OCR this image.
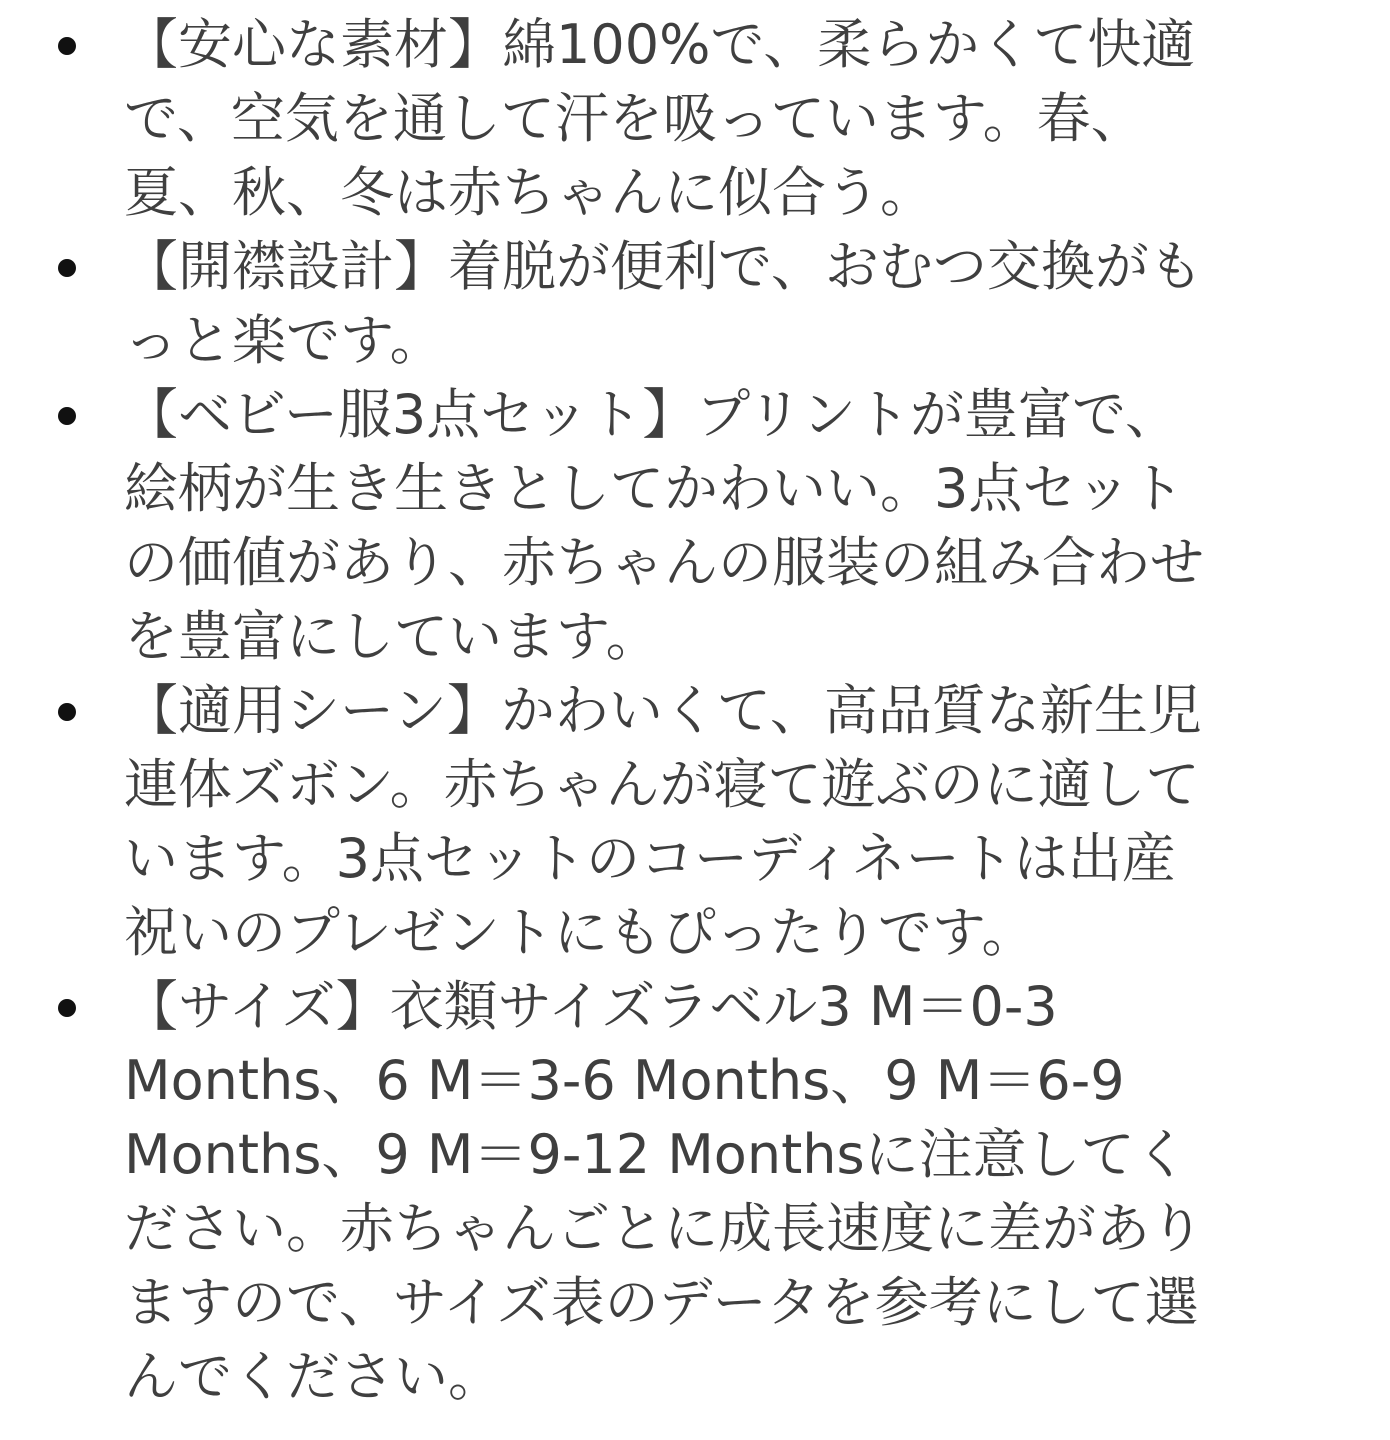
【安心な素材】綿100%で、柔らかくて快適
で、空気を通して汗を吸っています。春、
夏、秋、冬は赤ちゃんに似合う。
【開襟設計】着脱が便利で、おむつ交換がも
っと楽です。
【ベビー服3点セット】プリントが豊富で、
絵柄が生き生きとしてかわいい。3点セット
の価値があり、赤ちゃんの服装の組み合わせ
を豊富にしています。
【適用シーン】かわいくて、高品質な新生児
連体ズボン。赤ちゃんが寝て遊ぶのに適して
います。3点セットのコーディネートは出産
祝いのプレゼントにもぴったりです。
【サイズ】衣類サイズラベル3 M＝0-3
Months、6 M＝3-6 Months、9 M＝6-9
Months、9 M＝9-12 Monthsに注意してく
ださい。赤ちゃんごとに成長速度に差があり
ますので、サイズ表のデータを参考にして選
んでください。
